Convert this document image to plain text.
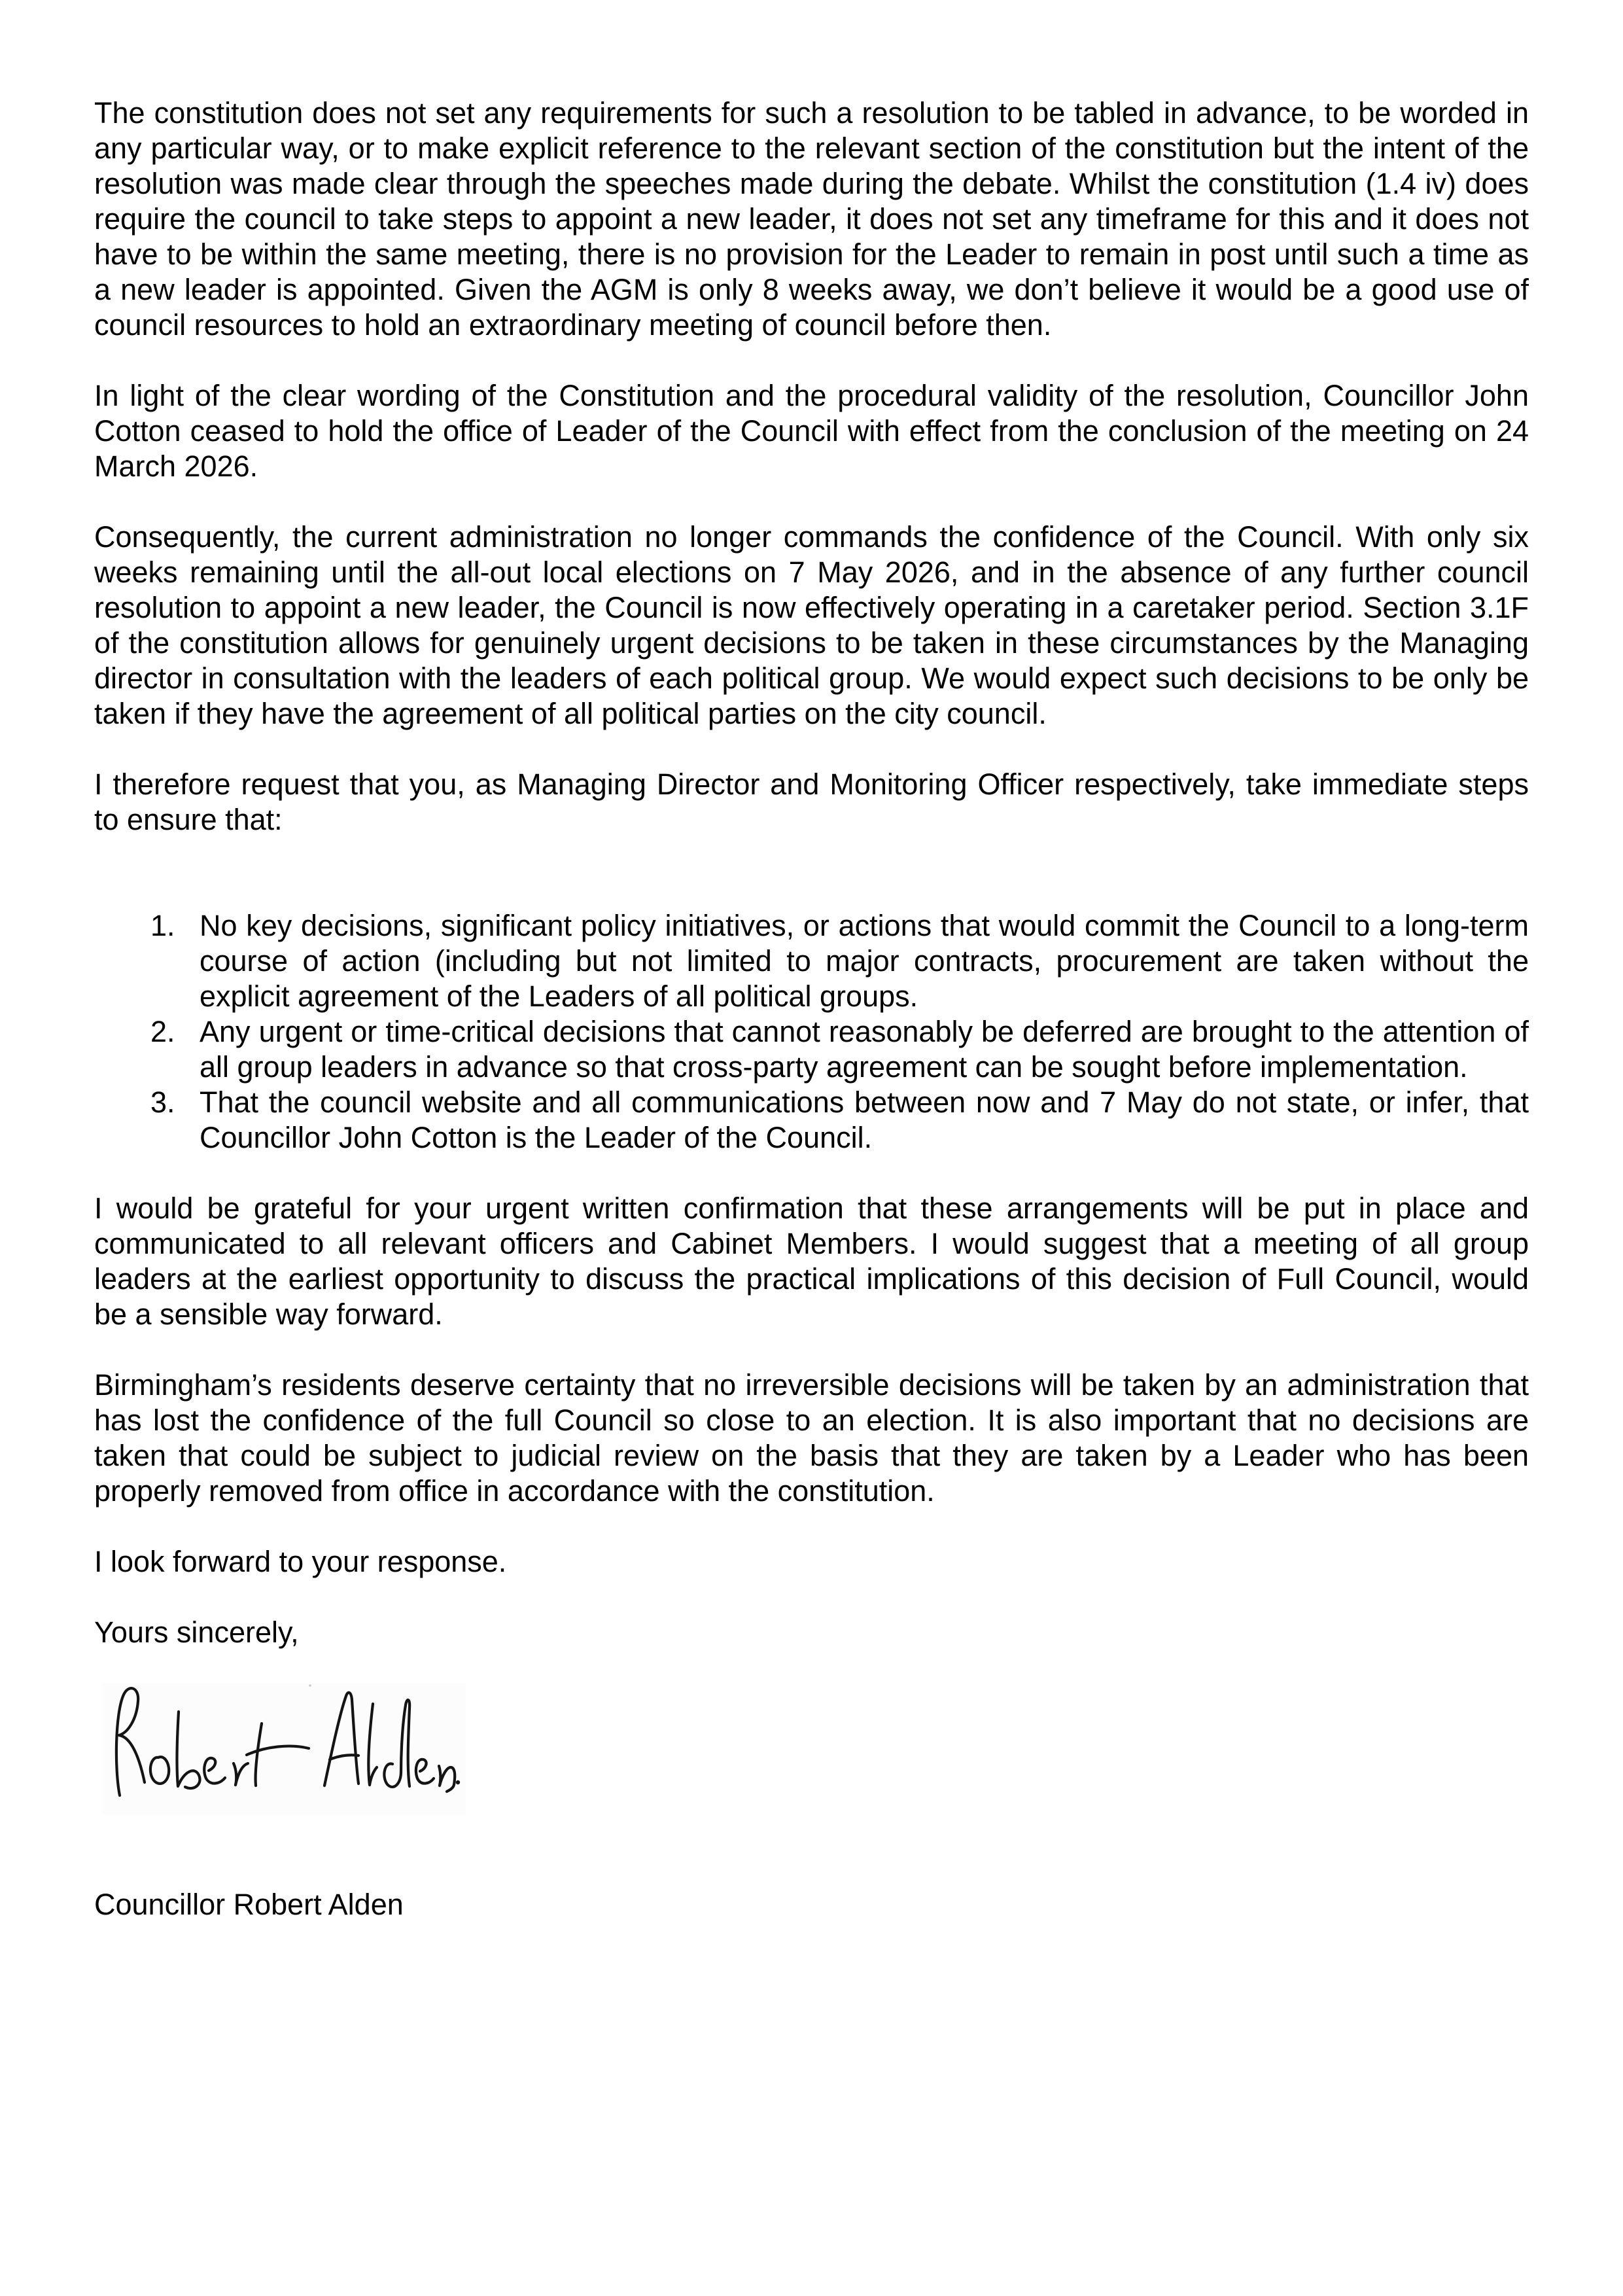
The constitution does not set any requirements for such a resolution to be tabled in advance, to be worded in any particular way, or to make explicit reference to the relevant section of the constitution but the intent of the resolution was made clear through the speeches made during the debate. Whilst the constitution (1.4 iv) does require the council to take steps to appoint a new leader, it does not set any timeframe for this and it does not have to be within the same meeting, there is no provision for the Leader to remain in post until such a time as a new leader is appointed. Given the AGM is only 8 weeks away, we don’t believe it would be a good use of council resources to hold an extraordinary meeting of council before then.

In light of the clear wording of the Constitution and the procedural validity of the resolution, Councillor John Cotton ceased to hold the office of Leader of the Council with effect from the conclusion of the meeting on 24 March 2026.

Consequently, the current administration no longer commands the confidence of the Council. With only six weeks remaining until the all-out local elections on 7 May 2026, and in the absence of any further council resolution to appoint a new leader, the Council is now effectively operating in a caretaker period. Section 3.1F of the constitution allows for genuinely urgent decisions to be taken in these circumstances by the Managing director in consultation with the leaders of each political group. We would expect such decisions to be only be taken if they have the agreement of all political parties on the city council.

I therefore request that you, as Managing Director and Monitoring Officer respectively, take immediate steps to ensure that:

1. No key decisions, significant policy initiatives, or actions that would commit the Council to a long-term course of action (including but not limited to major contracts, procurement are taken without the explicit agreement of the Leaders of all political groups.
2. Any urgent or time-critical decisions that cannot reasonably be deferred are brought to the attention of all group leaders in advance so that cross-party agreement can be sought before implementation.
3. That the council website and all communications between now and 7 May do not state, or infer, that Councillor John Cotton is the Leader of the Council.

I would be grateful for your urgent written confirmation that these arrangements will be put in place and communicated to all relevant officers and Cabinet Members. I would suggest that a meeting of all group leaders at the earliest opportunity to discuss the practical implications of this decision of Full Council, would be a sensible way forward.

Birmingham’s residents deserve certainty that no irreversible decisions will be taken by an administration that has lost the confidence of the full Council so close to an election. It is also important that no decisions are taken that could be subject to judicial review on the basis that they are taken by a Leader who has been properly removed from office in accordance with the constitution.

I look forward to your response.

Yours sincerely,

Councillor Robert Alden
